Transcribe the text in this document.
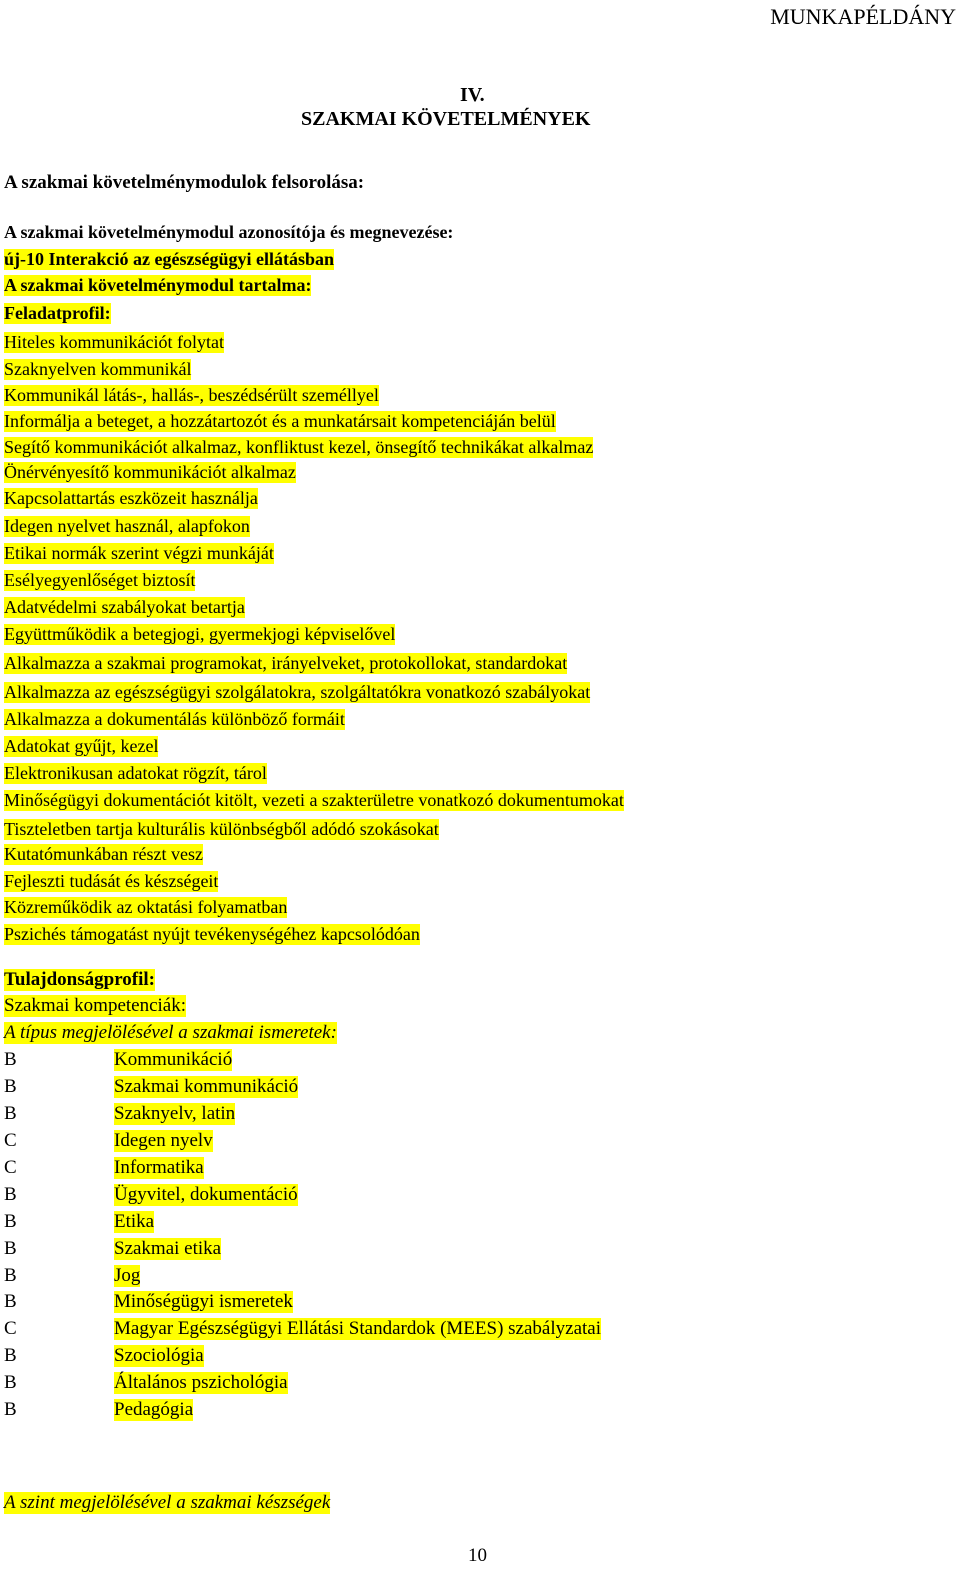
MUNKAPÉLDÁNY
IV.
SZAKMAI KÖVETELMÉNYEK
A szakmai követelménymodulok felsorolása:
A szakmai követelménymodul azonosítója és megnevezése:
új-10 Interakció az egészségügyi ellátásban
A szakmai követelménymodul tartalma:
Feladatprofil:
Hiteles kommunikációt folytat
Szaknyelven kommunikál
Kommunikál látás-, hallás-, beszédsérült személlyel
Informálja a beteget, a hozzátartozót és a munkatársait kompetenciáján belül
Segítő kommunikációt alkalmaz, konfliktust kezel, önsegítő technikákat alkalmaz
Önérvényesítő kommunikációt alkalmaz
Kapcsolattartás eszközeit használja
Idegen nyelvet használ, alapfokon
Etikai normák szerint végzi munkáját
Esélyegyenlőséget biztosít
Adatvédelmi szabályokat betartja
Együttműködik a betegjogi, gyermekjogi képviselővel
Alkalmazza a szakmai programokat, irányelveket, protokollokat, standardokat
Alkalmazza az egészségügyi szolgálatokra, szolgáltatókra vonatkozó szabályokat
Alkalmazza a dokumentálás különböző formáit
Adatokat gyűjt, kezel
Elektronikusan adatokat rögzít, tárol
Minőségügyi dokumentációt kitölt, vezeti a szakterületre vonatkozó dokumentumokat
Tiszteletben tartja kulturális különbségből adódó szokásokat
Kutatómunkában részt vesz
Fejleszti tudását és készségeit
Közreműködik az oktatási folyamatban
Pszichés támogatást nyújt tevékenységéhez kapcsolódóan
Tulajdonságprofil:
Szakmai kompetenciák:
A típus megjelölésével a szakmai ismeretek:
B	Kommunikáció
B	Szakmai kommunikáció
B	Szaknyelv, latin
C	Idegen nyelv
C	Informatika
B	Ügyvitel, dokumentáció
B	Etika
B	Szakmai etika
B	Jog
B	Minőségügyi ismeretek
C	Magyar Egészségügyi Ellátási Standardok (MEES) szabályzatai
B	Szociológia
B	Általános pszichológia
B	Pedagógia
A szint megjelölésével a szakmai készségek
10
